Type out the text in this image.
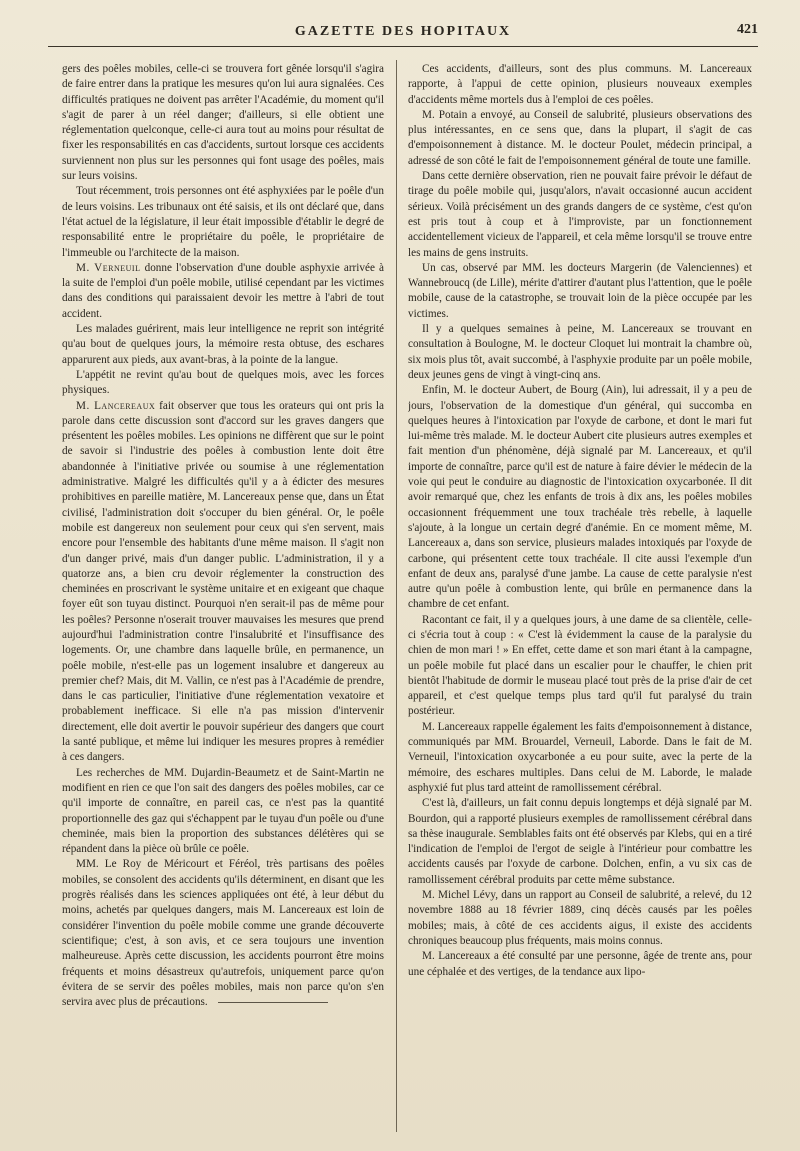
GAZETTE DES HOPITAUX	421

gers des poêles mobiles, celle-ci se trouvera fort gênée lorsqu'il s'agira de faire entrer dans la pratique les mesures qu'on lui aura signalées. Ces difficultés pratiques ne doivent pas arrêter l'Académie, du moment qu'il s'agit de parer à un réel danger; d'ailleurs, si elle obtient une réglementation quelconque, celle-ci aura tout au moins pour résultat de fixer les responsabilités en cas d'accidents, surtout lorsque ces accidents surviennent non plus sur les personnes qui font usage des poêles, mais sur leurs voisins.

Tout récemment, trois personnes ont été asphyxiées par le poêle d'un de leurs voisins. Les tribunaux ont été saisis, et ils ont déclaré que, dans l'état actuel de la législature, il leur était impossible d'établir le degré de responsabilité entre le propriétaire du poêle, le propriétaire de l'immeuble ou l'architecte de la maison.

M. Verneuil donne l'observation d'une double asphyxie arrivée à la suite de l'emploi d'un poêle mobile, utilisé cependant par les victimes dans des conditions qui paraissaient devoir les mettre à l'abri de tout accident.

Les malades guérirent, mais leur intelligence ne reprit son intégrité qu'au bout de quelques jours, la mémoire resta obtuse, des eschares apparurent aux pieds, aux avant-bras, à la pointe de la langue.

L'appétit ne revint qu'au bout de quelques mois, avec les forces physiques.

M. Lancereaux fait observer que tous les orateurs qui ont pris la parole dans cette discussion sont d'accord sur les graves dangers que présentent les poêles mobiles. Les opinions ne diffèrent que sur le point de savoir si l'industrie des poêles à combustion lente doit être abandonnée à l'initiative privée ou soumise à une réglementation administrative. Malgré les difficultés qu'il y a à édicter des mesures prohibitives en pareille matière, M. Lancereaux pense que, dans un État civilisé, l'administration doit s'occuper du bien général. Or, le poêle mobile est dangereux non seulement pour ceux qui s'en servent, mais encore pour l'ensemble des habitants d'une même maison. Il s'agit non d'un danger privé, mais d'un danger public. L'administration, il y a quatorze ans, a bien cru devoir réglementer la construction des cheminées en proscrivant le système unitaire et en exigeant que chaque foyer eût son tuyau distinct. Pourquoi n'en serait-il pas de même pour les poêles? Personne n'oserait trouver mauvaises les mesures que prend aujourd'hui l'administration contre l'insalubrité et l'insuffisance des logements. Or, une chambre dans laquelle brûle, en permanence, un poêle mobile, n'est-elle pas un logement insalubre et dangereux au premier chef? Mais, dit M. Vallin, ce n'est pas à l'Académie de prendre, dans le cas particulier, l'initiative d'une réglementation vexatoire et probablement inefficace. Si elle n'a pas mission d'intervenir directement, elle doit avertir le pouvoir supérieur des dangers que court la santé publique, et même lui indiquer les mesures propres à remédier à ces dangers.

Les recherches de MM. Dujardin-Beaumetz et de Saint-Martin ne modifient en rien ce que l'on sait des dangers des poêles mobiles, car ce qu'il importe de connaître, en pareil cas, ce n'est pas la quantité proportionnelle des gaz qui s'échappent par le tuyau d'un poêle ou d'une cheminée, mais bien la proportion des substances délétères qui se répandent dans la pièce où brûle ce poêle.

MM. Le Roy de Méricourt et Féréol, très partisans des poêles mobiles, se consolent des accidents qu'ils déterminent, en disant que les progrès réalisés dans les sciences appliquées ont été, à leur début du moins, achetés par quelques dangers, mais M. Lancereaux est loin de considérer l'invention du poêle mobile comme une grande découverte scientifique; c'est, à son avis, et ce sera toujours une invention malheureuse. Après cette discussion, les accidents pourront être moins fréquents et moins désastreux qu'autrefois, uniquement parce qu'on évitera de se servir des poêles mobiles, mais non parce qu'on s'en servira avec plus de précautions.

Ces accidents, d'ailleurs, sont des plus communs. M. Lancereaux rapporte, à l'appui de cette opinion, plusieurs nouveaux exemples d'accidents même mortels dus à l'emploi de ces poêles.

M. Potain a envoyé, au Conseil de salubrité, plusieurs observations des plus intéressantes, en ce sens que, dans la plupart, il s'agit de cas d'empoisonnement à distance. M. le docteur Poulet, médecin principal, a adressé de son côté le fait de l'empoisonnement général de toute une famille.

Dans cette dernière observation, rien ne pouvait faire prévoir le défaut de tirage du poêle mobile qui, jusqu'alors, n'avait occasionné aucun accident sérieux. Voilà précisément un des grands dangers de ce système, c'est qu'on est pris tout à coup et à l'improviste, par un fonctionnement accidentellement vicieux de l'appareil, et cela même lorsqu'il se trouve entre les mains de gens instruits.

Un cas, observé par MM. les docteurs Margerin (de Valenciennes) et Wannebroucq (de Lille), mérite d'attirer d'autant plus l'attention, que le poêle mobile, cause de la catastrophe, se trouvait loin de la pièce occupée par les victimes.

Il y a quelques semaines à peine, M. Lancereaux se trouvant en consultation à Boulogne, M. le docteur Cloquet lui montrait la chambre où, six mois plus tôt, avait succombé, à l'asphyxie produite par un poêle mobile, deux jeunes gens de vingt à vingt-cinq ans.

Enfin, M. le docteur Aubert, de Bourg (Ain), lui adressait, il y a peu de jours, l'observation de la domestique d'un général, qui succomba en quelques heures à l'intoxication par l'oxyde de carbone, et dont le mari fut lui-même très malade. M. le docteur Aubert cite plusieurs autres exemples et fait mention d'un phénomène, déjà signalé par M. Lancereaux, et qu'il importe de connaître, parce qu'il est de nature à faire dévier le médecin de la voie qui peut le conduire au diagnostic de l'intoxication oxycarbonée. Il dit avoir remarqué que, chez les enfants de trois à dix ans, les poêles mobiles occasionnent fréquemment une toux trachéale très rebelle, à laquelle s'ajoute, à la longue un certain degré d'anémie. En ce moment même, M. Lancereaux a, dans son service, plusieurs malades intoxiqués par l'oxyde de carbone, qui présentent cette toux trachéale. Il cite aussi l'exemple d'un enfant de deux ans, paralysé d'une jambe. La cause de cette paralysie n'est autre qu'un poêle à combustion lente, qui brûle en permanence dans la chambre de cet enfant.

Racontant ce fait, il y a quelques jours, à une dame de sa clientèle, celle-ci s'écria tout à coup : « C'est là évidemment la cause de la paralysie du chien de mon mari ! » En effet, cette dame et son mari étant à la campagne, un poêle mobile fut placé dans un escalier pour le chauffer, le chien prit bientôt l'habitude de dormir le museau placé tout près de la prise d'air de cet appareil, et c'est quelque temps plus tard qu'il fut paralysé du train postérieur.

M. Lancereaux rappelle également les faits d'empoisonnement à distance, communiqués par MM. Brouardel, Verneuil, Laborde. Dans le fait de M. Verneuil, l'intoxication oxycarbonée a eu pour suite, avec la perte de la mémoire, des eschares multiples. Dans celui de M. Laborde, le malade asphyxié fut plus tard atteint de ramollissement cérébral.

C'est là, d'ailleurs, un fait connu depuis longtemps et déjà signalé par M. Bourdon, qui a rapporté plusieurs exemples de ramollissement cérébral dans sa thèse inaugurale. Semblables faits ont été observés par Klebs, qui en a tiré l'indication de l'emploi de l'ergot de seigle à l'intérieur pour combattre les accidents causés par l'oxyde de carbone. Dolchen, enfin, a vu six cas de ramollissement cérébral produits par cette même substance.

M. Michel Lévy, dans un rapport au Conseil de salubrité, a relevé, du 12 novembre 1888 au 18 février 1889, cinq décès causés par les poêles mobiles; mais, à côté de ces accidents aigus, il existe des accidents chroniques beaucoup plus fréquents, mais moins connus.

M. Lancereaux a été consulté par une personne, âgée de trente ans, pour une céphalée et des vertiges, de la tendance aux lipo-
